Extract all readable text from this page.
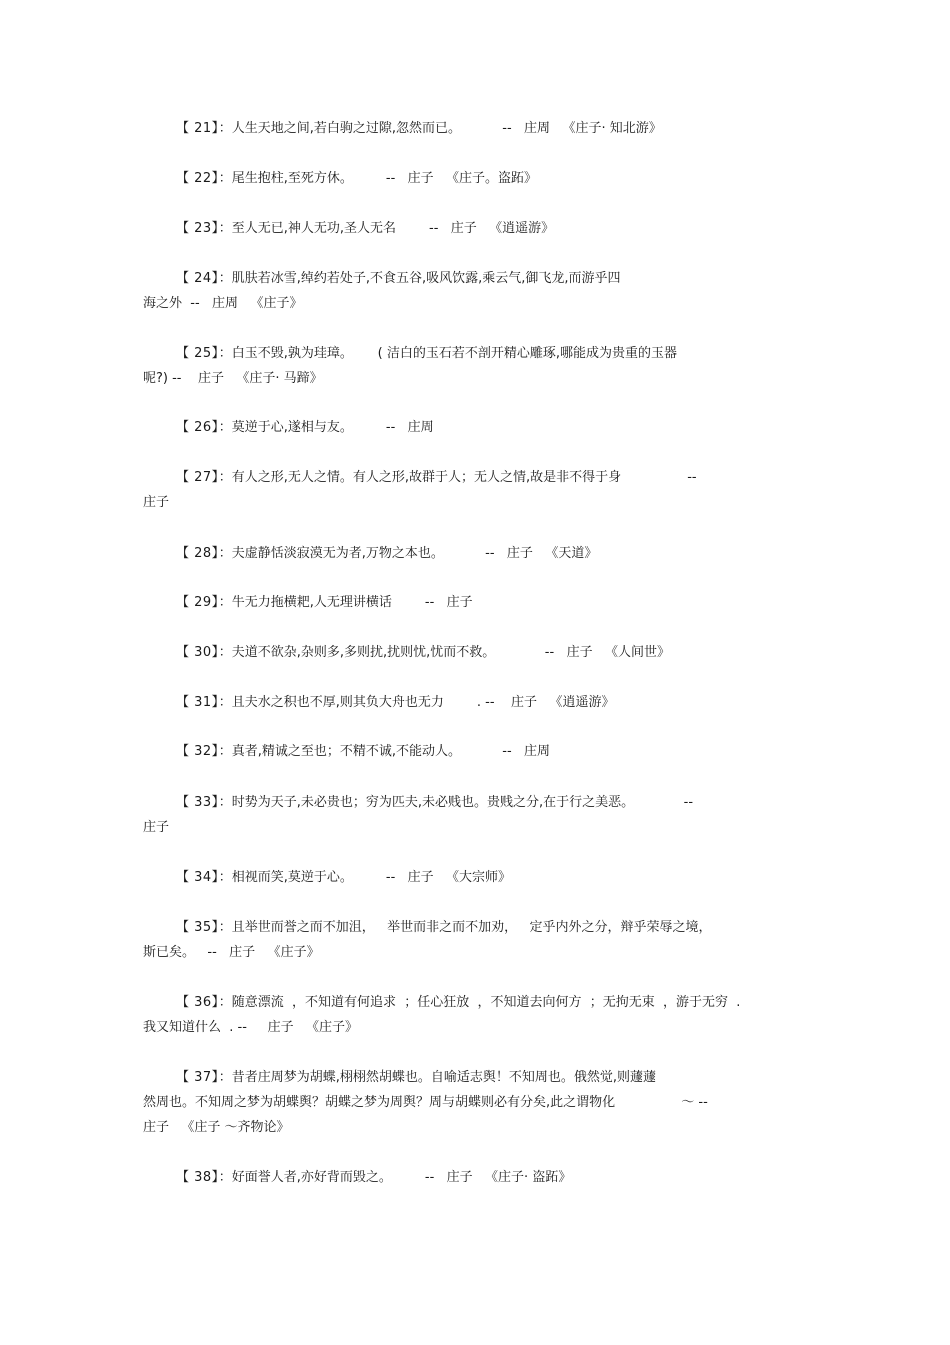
【 21】：人生天地之间,若白驹之过隙,忽然而已。          --   庄周   《庄子· 知北游》
【 22】：尾生抱柱,至死方休。        --   庄子   《庄子。盗跖》
【 23】：至人无已,神人无功,圣人无名        --   庄子   《逍遥游》
【 24】：肌肤若冰雪,绰约若处子,不食五谷,吸风饮露,乘云气,御飞龙,而游乎四
海之外  --   庄周   《庄子》
【 25】：白玉不毁,孰为珪璋。      ( 洁白的玉石若不剖开精心雕琢,哪能成为贵重的玉器
呢?) --    庄子   《庄子· 马蹄》
【 26】：莫逆于心,遂相与友。        --   庄周
【 27】：有人之形,无人之情。有人之形,故群于人；无人之情,故是非不得于身                --
庄子
【 28】：夫虚静恬淡寂漠无为者,万物之本也。          --   庄子   《天道》
【 29】：牛无力拖横耙,人无理讲横话        --   庄子
【 30】：夫道不欲杂,杂则多,多则扰,扰则忧,忧而不救。            --   庄子   《人间世》
【 31】：且夫水之积也不厚,则其负大舟也无力        . --    庄子   《逍遥游》
【 32】：真者,精诚之至也；不精不诚,不能动人。          --   庄周
【 33】：时势为天子,未必贵也；穷为匹夫,未必贱也。贵贱之分,在于行之美恶。            --
庄子
【 34】：相视而笑,莫逆于心。        --   庄子   《大宗师》
【 35】：且举世而誉之而不加沮，   举世而非之而不加劝，   定乎内外之分，辩乎荣辱之境，
斯已矣。   --   庄子   《庄子》
【 36】：随意漂流  ，不知道有何追求  ；任心狂放  ，不知道去向何方  ；无拘无束  ，游于无穷  .
我又知道什么  . --     庄子   《庄子》
【 37】：昔者庄周梦为胡蝶,栩栩然胡蝶也。自喻适志舆！不知周也。俄然觉,则蘧蘧
然周也。不知周之梦为胡蝶舆？胡蝶之梦为周舆？周与胡蝶则必有分矣,此之谓物化                ～ --
庄子   《庄子 ～齐物论》
【 38】：好面誉人者,亦好背而毁之。        --   庄子   《庄子· 盗跖》
